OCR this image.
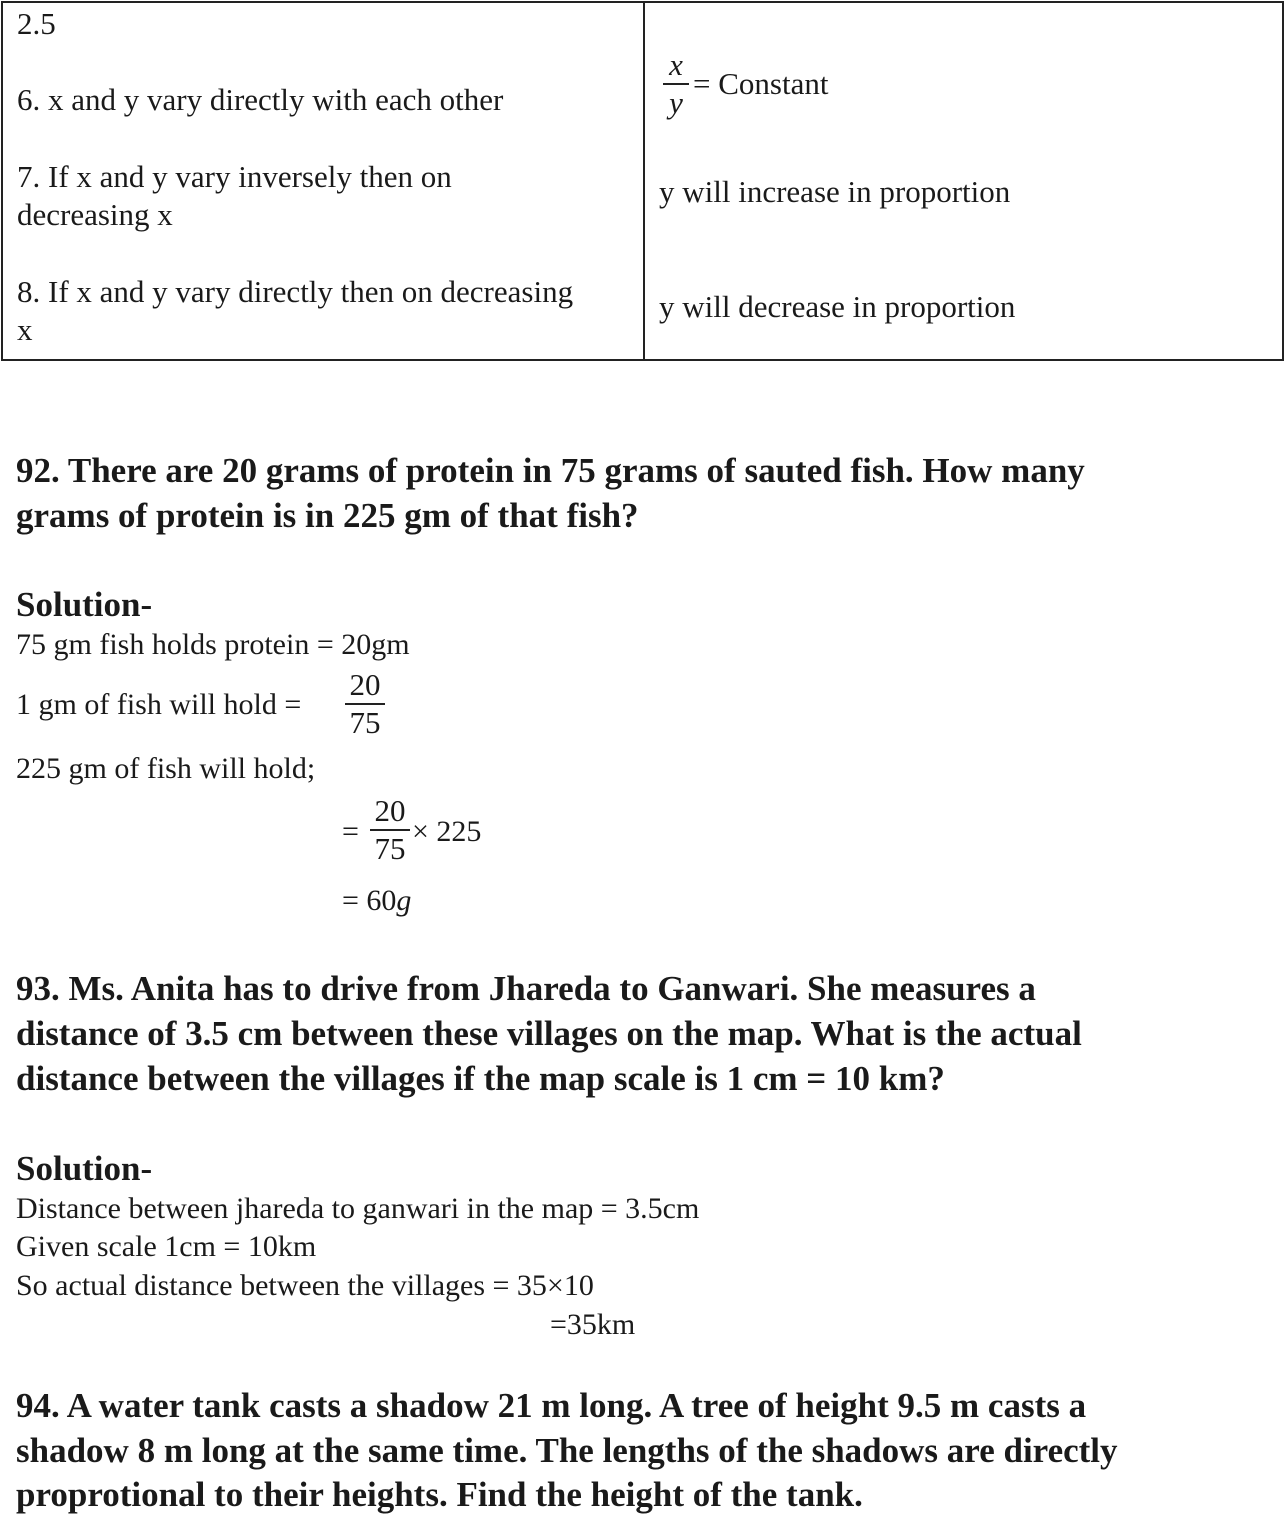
2.5
6. x and y vary directly with each other
x
y
= Constant
7. If x and y vary inversely then on
decreasing x
y will increase in proportion
8. If x and y vary directly then on decreasing
x
y will decrease in proportion
92. There are 20 grams of protein in 75 grams of sauted fish. How many
grams of protein is in 225 gm of that fish?
Solution-
75 gm fish holds protein = 20gm
1 gm of fish will hold =
20
75
225 gm of fish will hold;
=
20
75 × 225
= 60g
93. Ms. Anita has to drive from Jhareda to Ganwari. She measures a
distance of 3.5 cm between these villages on the map. What is the actual
distance between the villages if the map scale is 1 cm = 10 km?
Solution-
Distance between jhareda to ganwari in the map = 3.5cm
Given scale 1cm = 10km
So actual distance between the villages = 35×10
=35km
94. A water tank casts a shadow 21 m long. A tree of height 9.5 m casts a
shadow 8 m long at the same time. The lengths of the shadows are directly
proprotional to their heights. Find the height of the tank.
